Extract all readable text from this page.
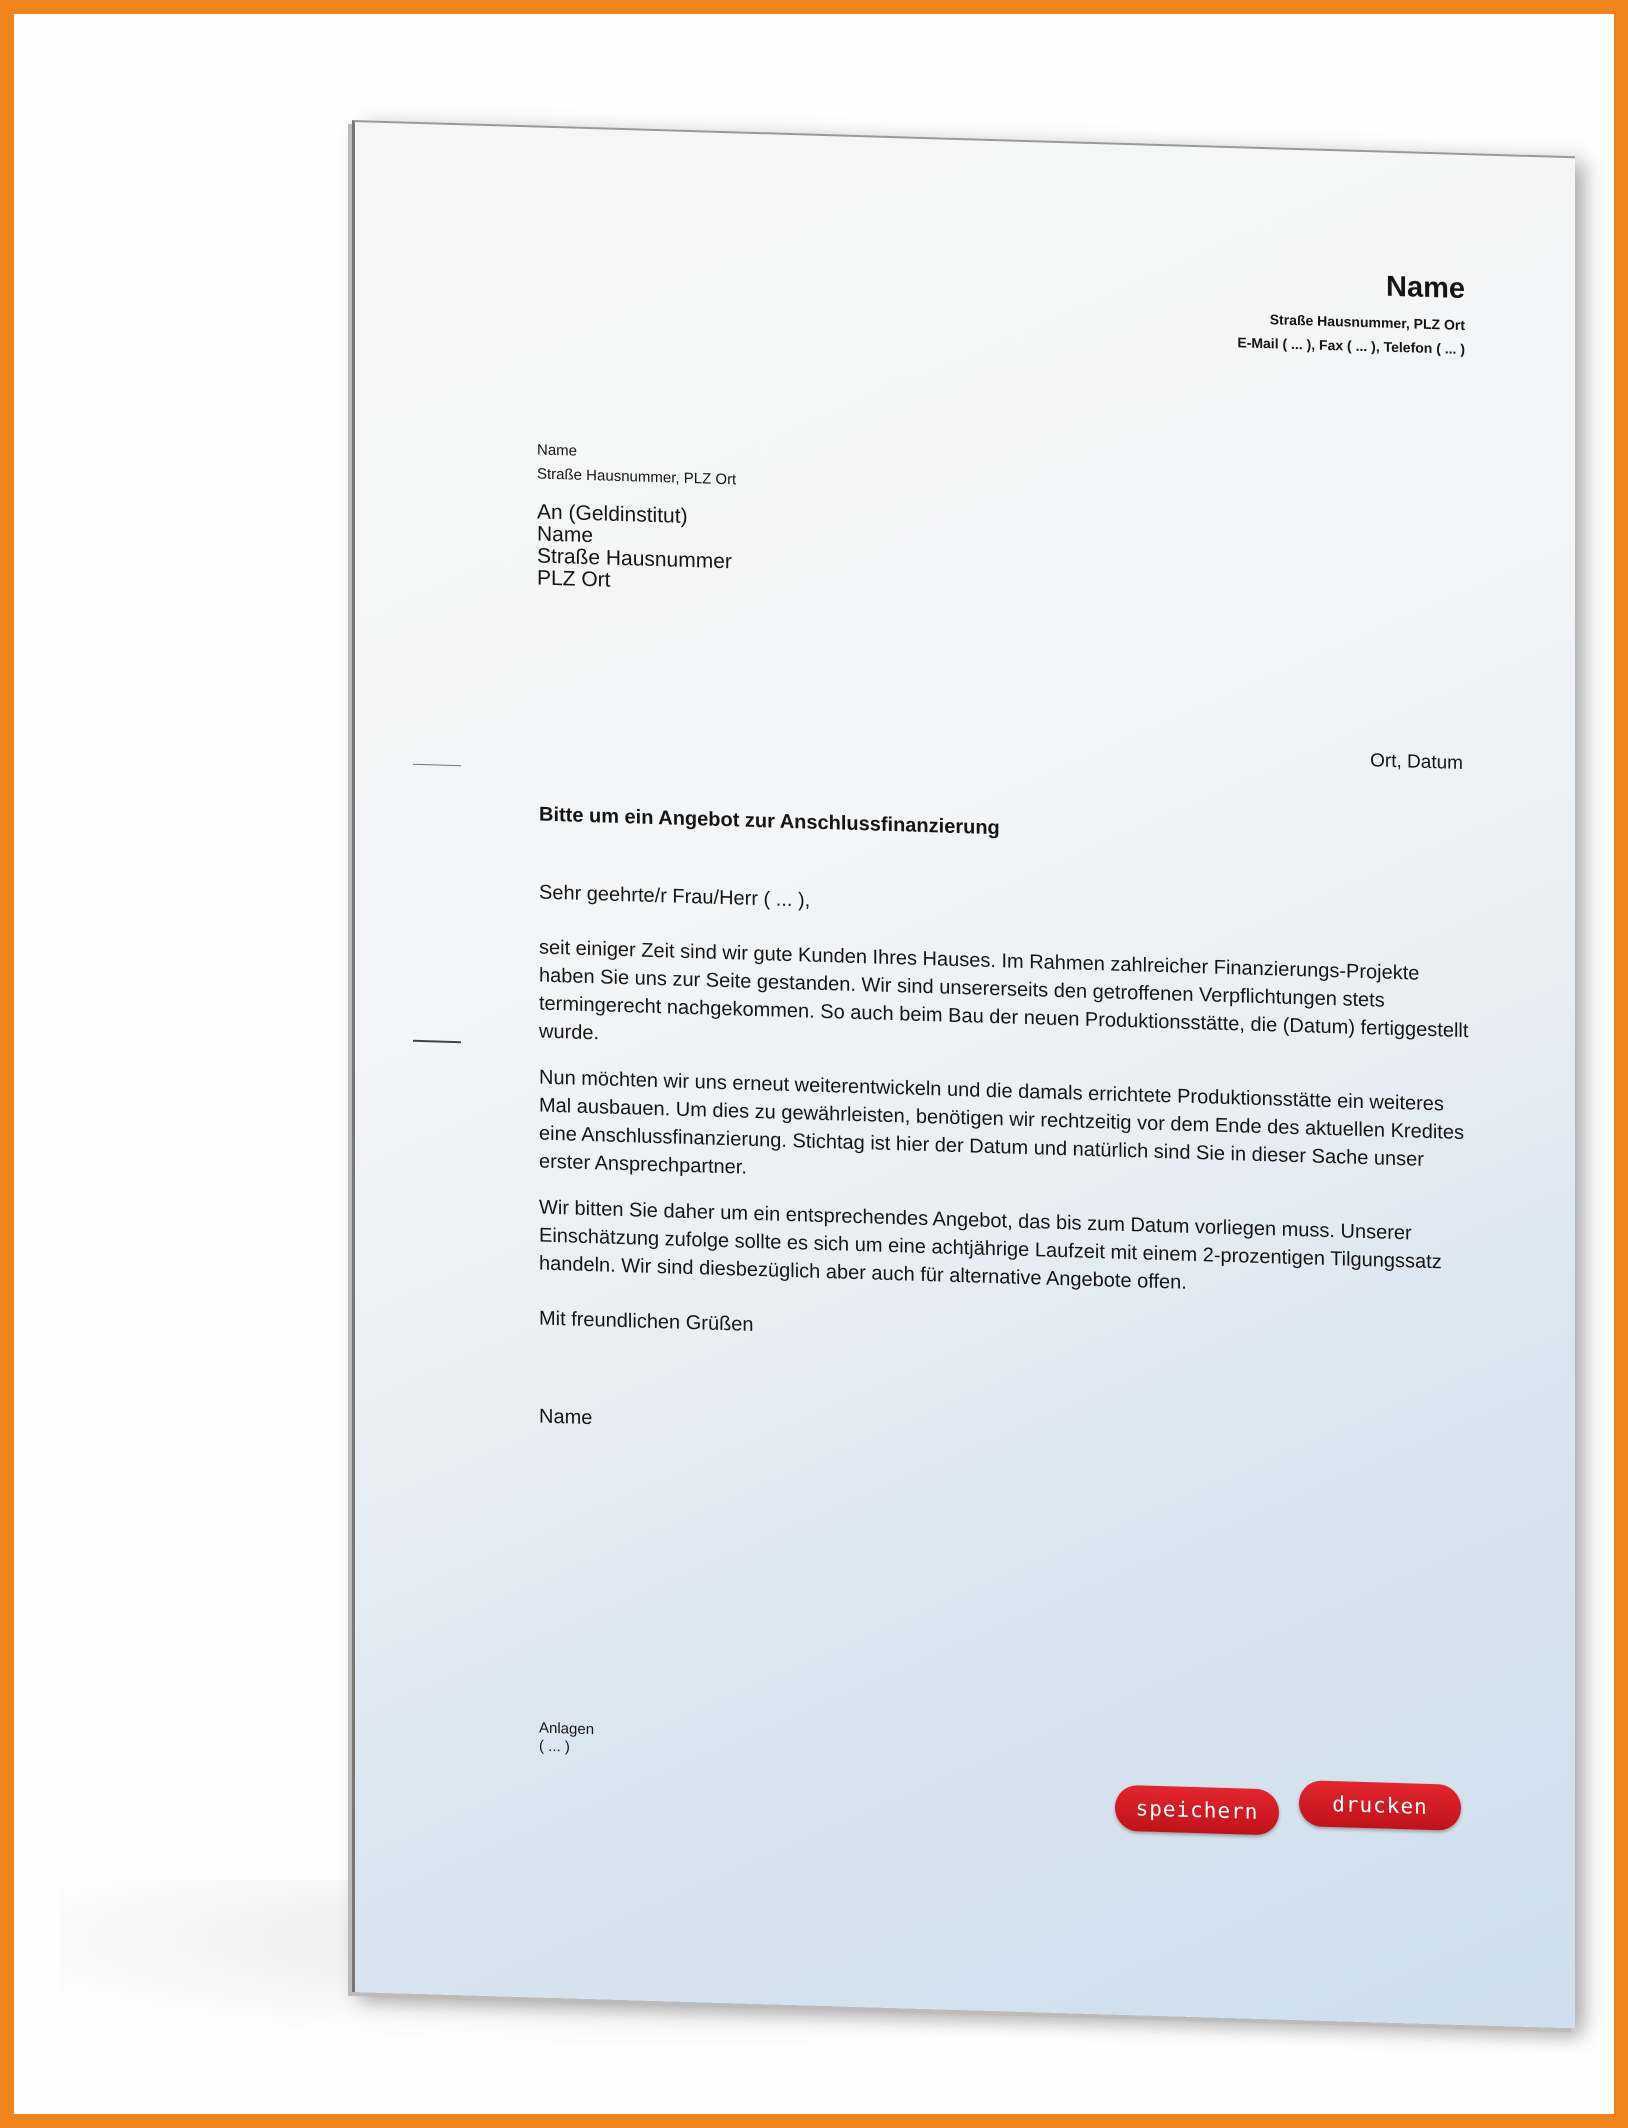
Name

Straße Hausnummer, PLZ Ort

E-Mail ( ... ), Fax ( ... ), Telefon ( ... )

Name

Straße Hausnummer, PLZ Ort

An (Geldinstitut)
Name
Straße Hausnummer
PLZ Ort

Ort, Datum

Bitte um ein Angebot zur Anschlussfinanzierung

Sehr geehrte/r Frau/Herr ( ... ),

seit einiger Zeit sind wir gute Kunden Ihres Hauses. Im Rahmen zahlreicher Finanzierungs-Projekte haben Sie uns zur Seite gestanden. Wir sind unsererseits den getroffenen Verpflichtungen stets termingerecht nachgekommen. So auch beim Bau der neuen Produktionsstätte, die (Datum) fertiggestellt wurde.

Nun möchten wir uns erneut weiterentwickeln und die damals errichtete Produktionsstätte ein weiteres Mal ausbauen. Um dies zu gewährleisten, benötigen wir rechtzeitig vor dem Ende des aktuellen Kredites eine Anschlussfinanzierung. Stichtag ist hier der Datum und natürlich sind Sie in dieser Sache unser erster Ansprechpartner.

Wir bitten Sie daher um ein entsprechendes Angebot, das bis zum Datum vorliegen muss. Unserer Einschätzung zufolge sollte es sich um eine achtjährige Laufzeit mit einem 2-prozentigen Tilgungssatz handeln. Wir sind diesbezüglich aber auch für alternative Angebote offen.

Mit freundlichen Grüßen

Name

Anlagen

( ... )

speichern	drucken
